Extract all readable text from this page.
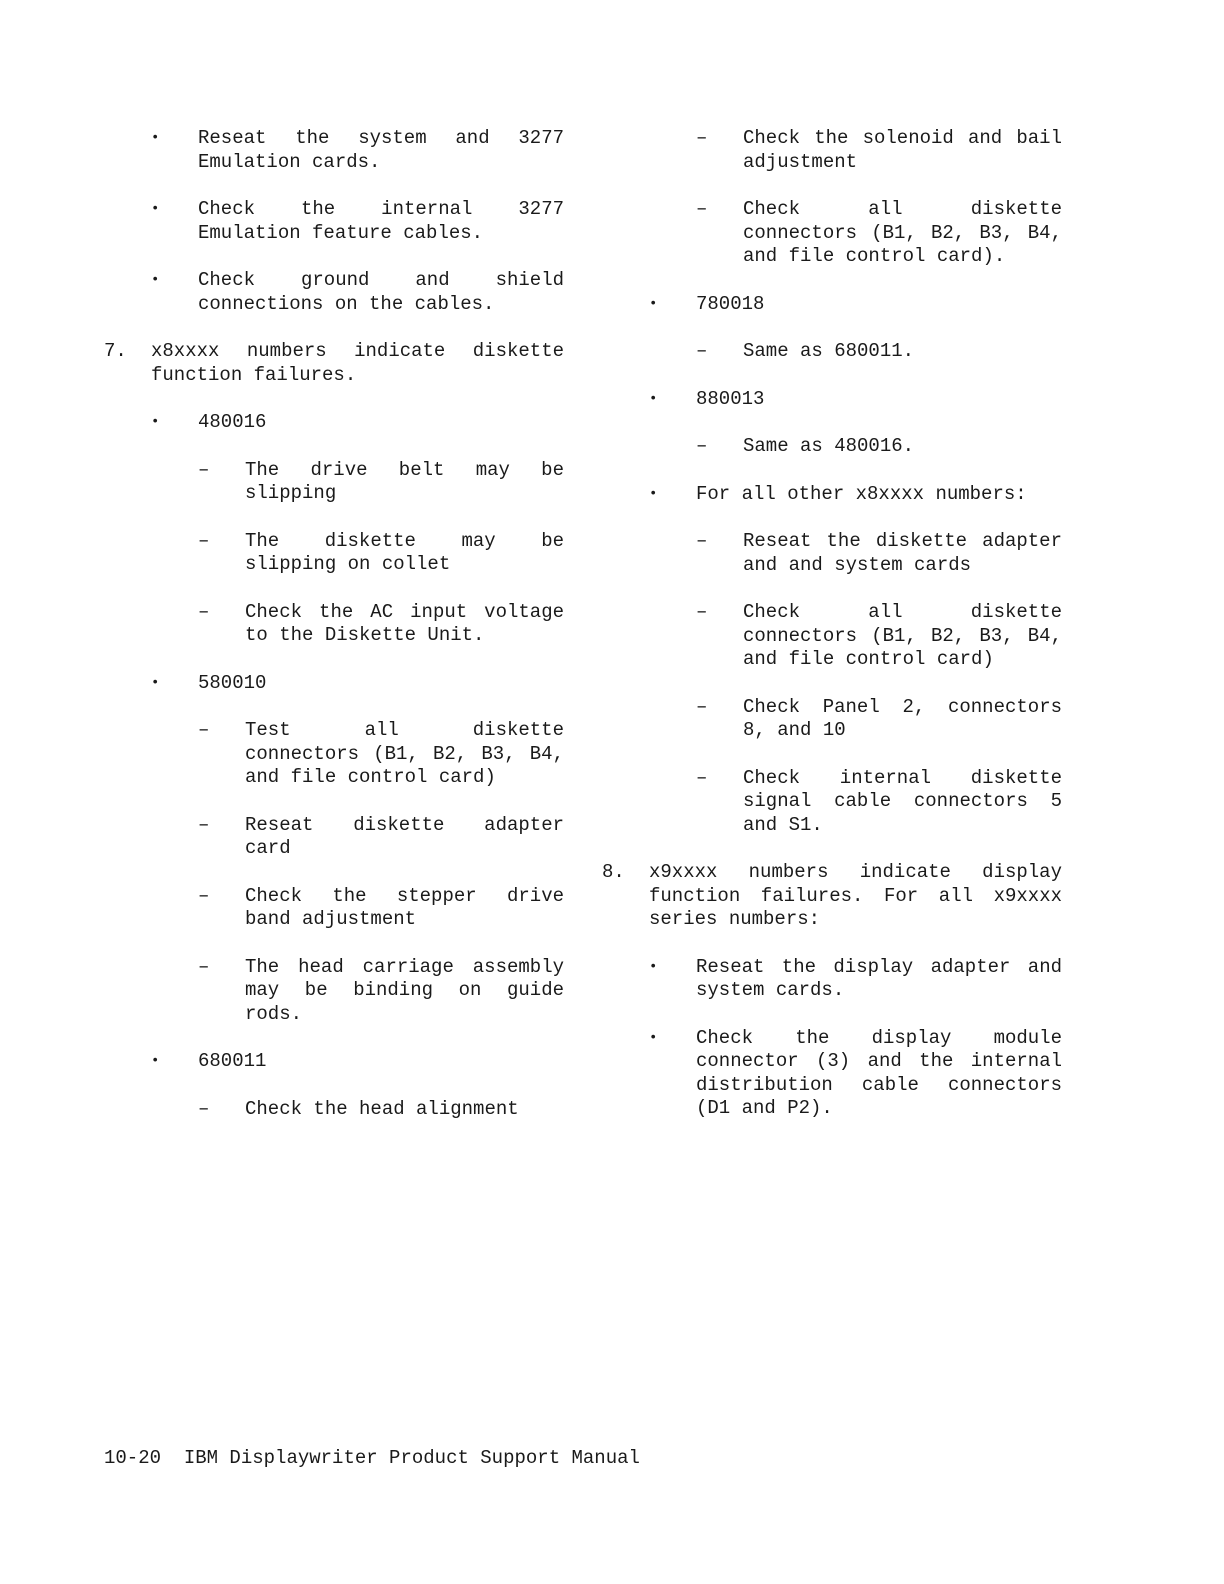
• Reseat the system and 3277 Emulation cards.
• Check the internal 3277 Emulation feature cables.
• Check ground and shield connections on the cables.
7. x8xxxx numbers indicate diskette function failures.
• 480016
– The drive belt may be slipping
– The diskette may be slipping on collet
– Check the AC input voltage to the Diskette Unit.
• 580010
– Test all diskette connectors (B1, B2, B3, B4, and file control card)
– Reseat diskette adapter card
– Check the stepper drive band adjustment
– The head carriage assembly may be binding on guide rods.
• 680011
– Check the head alignment
– Check the solenoid and bail adjustment
– Check all diskette connectors (B1, B2, B3, B4, and file control card).
• 780018
– Same as 680011.
• 880013
– Same as 480016.
• For all other x8xxxx numbers:
– Reseat the diskette adapter and and system cards
– Check all diskette connectors (B1, B2, B3, B4, and file control card)
– Check Panel 2, connectors 8, and 10
– Check internal diskette signal cable connectors 5 and S1.
8. x9xxxx numbers indicate display function failures. For all x9xxxx series numbers:
• Reseat the display adapter and system cards.
• Check the display module connector (3) and the internal distribution cable connectors (D1 and P2).
10-20 IBM Displaywriter Product Support Manual
